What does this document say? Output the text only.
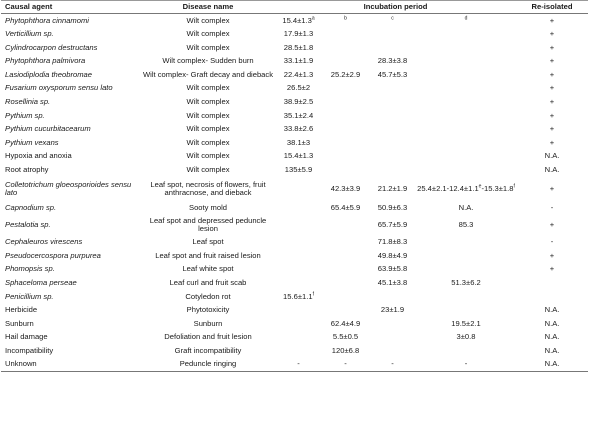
Causal agent	Disease name	Incubation period				Re-isolated
Phytophthora cinnamomi	Wilt complex	15.4±1.3$^a$	$^b$	$^c$	$^d$	+
Verticillium sp.	Wilt complex	17.9±1.3				+
Cylindrocarpon destructans	Wilt complex	28.5±1.8				+
Phytophthora palmivora	Wilt complex- Sudden burn	33.1±1.9		28.3±3.8		+
Lasiodiplodia theobromae	Wilt complex- Graft decay and dieback	22.4±1.3	25.2±2.9	45.7±5.3		+
Fusarium oxysporum sensu lato	Wilt complex	26.5±2				+
Rosellinia sp.	Wilt complex	38.9±2.5				+
Pythium sp.	Wilt complex	35.1±2.4				+
Pythium cucurbitacearum	Wilt complex	33.8±2.6				+
Pythium vexans	Wilt complex	38.1±3				+
Hypoxia and anoxia	Wilt complex	15.4±1.3				N.A.
Root atrophy	Wilt complex	135±5.9				N.A.
Colletotrichum gloeosporioides sensu lato	Leaf spot, necrosis of flowers, fruit anthracnose, and dieback		42.3±3.9	21.2±1.9	25.4±2.1-12.4±1.1$^e$-15.3±1.8$^f$	+
Capnodium sp.	Sooty mold		65.4±5.9	50.9±6.3	N.A.	-
Pestalotia sp.	Leaf spot and depressed peduncle lesion			65.7±5.9	85.3	+
Cephaleuros virescens	Leaf spot			71.8±8.3		-
Pseudocercospora purpurea	Leaf spot and fruit raised lesion			49.8±4.9		+
Phomopsis sp.	Leaf white spot			63.9±5.8		+
Sphaceloma perseae	Leaf curl and fruit scab			45.1±3.8	51.3±6.2	
Penicillium sp.	Cotyledon rot	15.6±1.1$^f$				
Herbicide	Phytotoxicity			23±1.9		N.A.
Sunburn	Sunburn		62.4±4.9		19.5±2.1	N.A.
Hail damage	Defoliation and fruit lesion		5.5±0.5		3±0.8	N.A.
Incompatibility	Graft incompatibility		120±6.8			N.A.
Unknown	Peduncle ringing	-	-	-	-	N.A.
